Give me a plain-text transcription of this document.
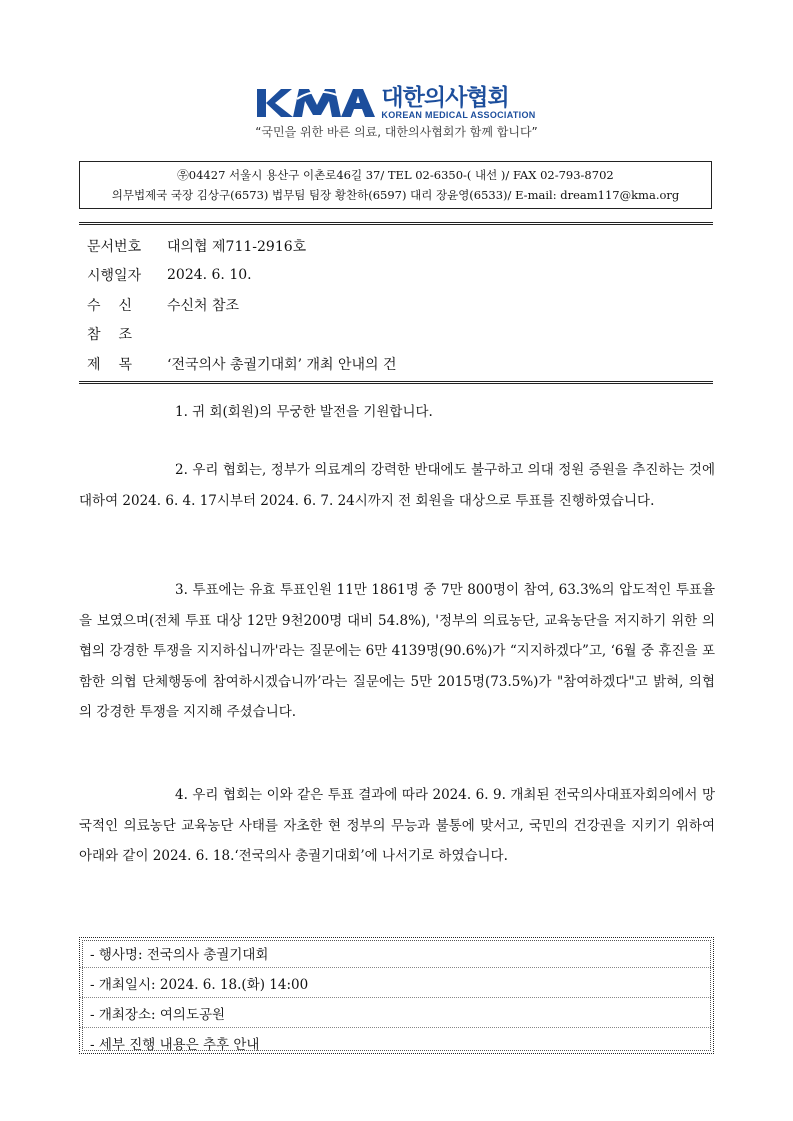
대한의사협회
KOREAN MEDICAL ASSOCIATION
“국민을 위한 바른 의료, 대한의사협회가 함께 합니다”
㉾04427 서울시 용산구 이촌로46길 37/ TEL 02-6350-( 내선 )/ FAX 02-793-8702
의무법제국 국장 김상구(6573) 법무팀 팀장 황찬하(6597) 대리 장윤영(6533)/ E-mail: dream117@kma.org
문서번호	대의협 제711-2916호
시행일자	2024. 6. 10.
수신	수신처 참조
참조
제목	‘전국의사 총궐기대회’ 개최 안내의 건
1. 귀 회(회원)의 무궁한 발전을 기원합니다.
2. 우리 협회는, 정부가 의료계의 강력한 반대에도 불구하고 의대 정원 증원을 추진하는 것에 대하여 2024. 6. 4. 17시부터 2024. 6. 7. 24시까지 전 회원을 대상으로 투표를 진행하였습니다.
3. 투표에는 유효 투표인원 11만 1861명 중 7만 800명이 참여, 63.3%의 압도적인 투표율을 보였으며(전체 투표 대상 12만 9천200명 대비 54.8%), '정부의 의료농단, 교육농단을 저지하기 위한 의협의 강경한 투쟁을 지지하십니까'라는 질문에는 6만 4139명(90.6%)가 “지지하겠다”고, ‘6월 중 휴진을 포함한 의협 단체행동에 참여하시겠습니까’라는 질문에는 5만 2015명(73.5%)가 "참여하겠다"고 밝혀, 의협의 강경한 투쟁을 지지해 주셨습니다.
4. 우리 협회는 이와 같은 투표 결과에 따라 2024. 6. 9. 개최된 전국의사대표자회의에서 망국적인 의료농단 교육농단 사태를 자초한 현 정부의 무능과 불통에 맞서고, 국민의 건강권을 지키기 위하여 아래와 같이 2024. 6. 18.‘전국의사 총궐기대회’에 나서기로 하였습니다.
- 행사명: 전국의사 총궐기대회
- 개최일시: 2024. 6. 18.(화) 14:00
- 개최장소: 여의도공원
- 세부 진행 내용은 추후 안내
